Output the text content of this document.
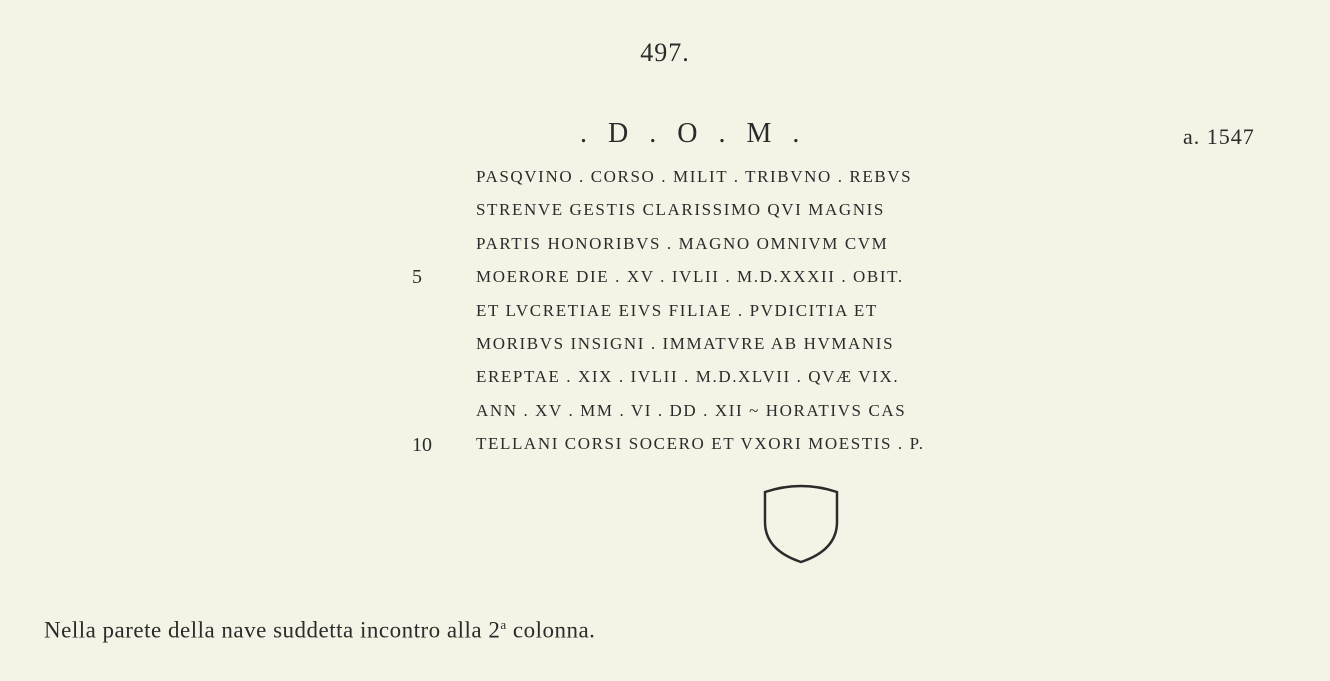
497.
.   D   .   O   .   M   .	a. 1547
PASQVINO . CORSO . MILIT . TRIBVNO . REBVS
STRENVE GESTIS CLARISSIMO QVI MAGNIS
PARTIS HONORIBVS . MAGNO OMNIVM CVM
MOERORE DIE . XV . IVLII . M.D.XXXII . OBIT.
ET LVCRETIAE EIVS FILIAE . PVDICITIA ET
MORIBVS INSIGNI . IMMATVRE AB HVMANIS
EREPTAE . XIX . IVLII . M.D.XLVII . QVÆ VIX.
ANN . XV . MM . VI . DD . XII ~ HORATIVS CAS
TELLANI CORSI SOCERO ET VXORI MOESTIS . P.
5
10
Nella parete della nave suddetta incontro alla 2$^a$ colonna.
